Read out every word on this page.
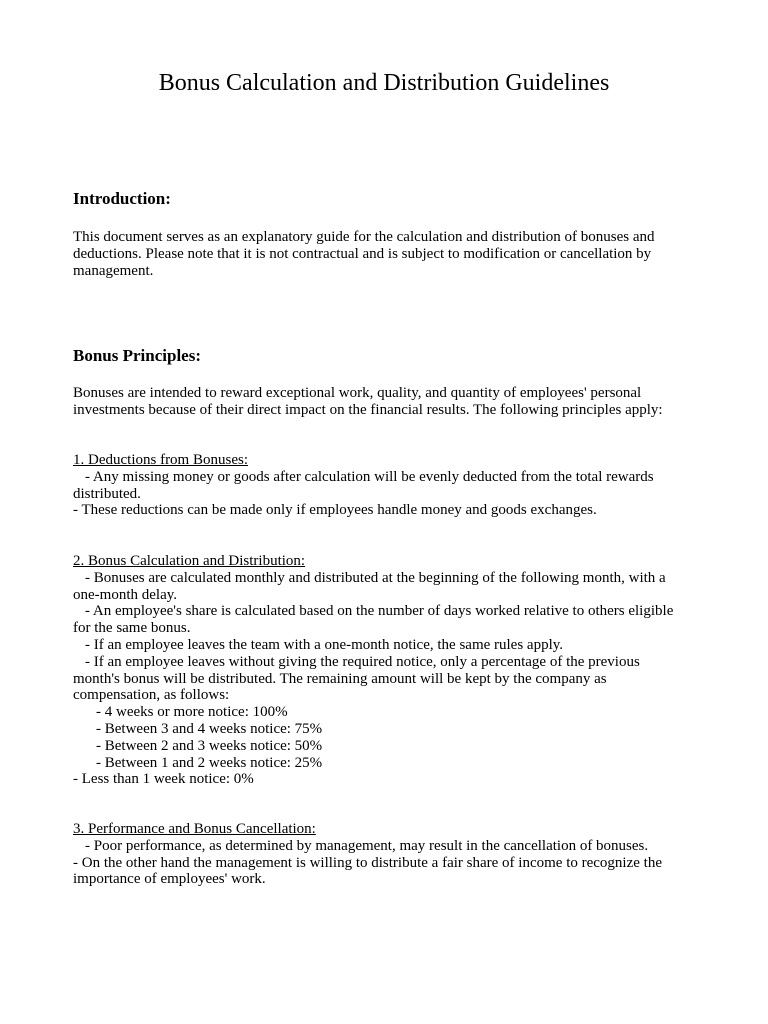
Bonus Calculation and Distribution Guidelines
Introduction:
This document serves as an explanatory guide for the calculation and distribution of bonuses and
deductions. Please note that it is not contractual and is subject to modification or cancellation by
management.
Bonus Principles:
Bonuses are intended to reward exceptional work, quality, and quantity of employees' personal
investments because of their direct impact on the financial results. The following principles apply:
1. Deductions from Bonuses:
- Any missing money or goods after calculation will be evenly deducted from the total rewards
distributed.
- These reductions can be made only if employees handle money and goods exchanges.
2. Bonus Calculation and Distribution:
- Bonuses are calculated monthly and distributed at the beginning of the following month, with a
one-month delay.
- An employee's share is calculated based on the number of days worked relative to others eligible
for the same bonus.
- If an employee leaves the team with a one-month notice, the same rules apply.
- If an employee leaves without giving the required notice, only a percentage of the previous
month's bonus will be distributed. The remaining amount will be kept by the company as
compensation, as follows:
- 4 weeks or more notice: 100%
- Between 3 and 4 weeks notice: 75%
- Between 2 and 3 weeks notice: 50%
- Between 1 and 2 weeks notice: 25%
- Less than 1 week notice: 0%
3. Performance and Bonus Cancellation:
- Poor performance, as determined by management, may result in the cancellation of bonuses.
- On the other hand the management is willing to distribute a fair share of income to recognize the
importance of employees' work.
